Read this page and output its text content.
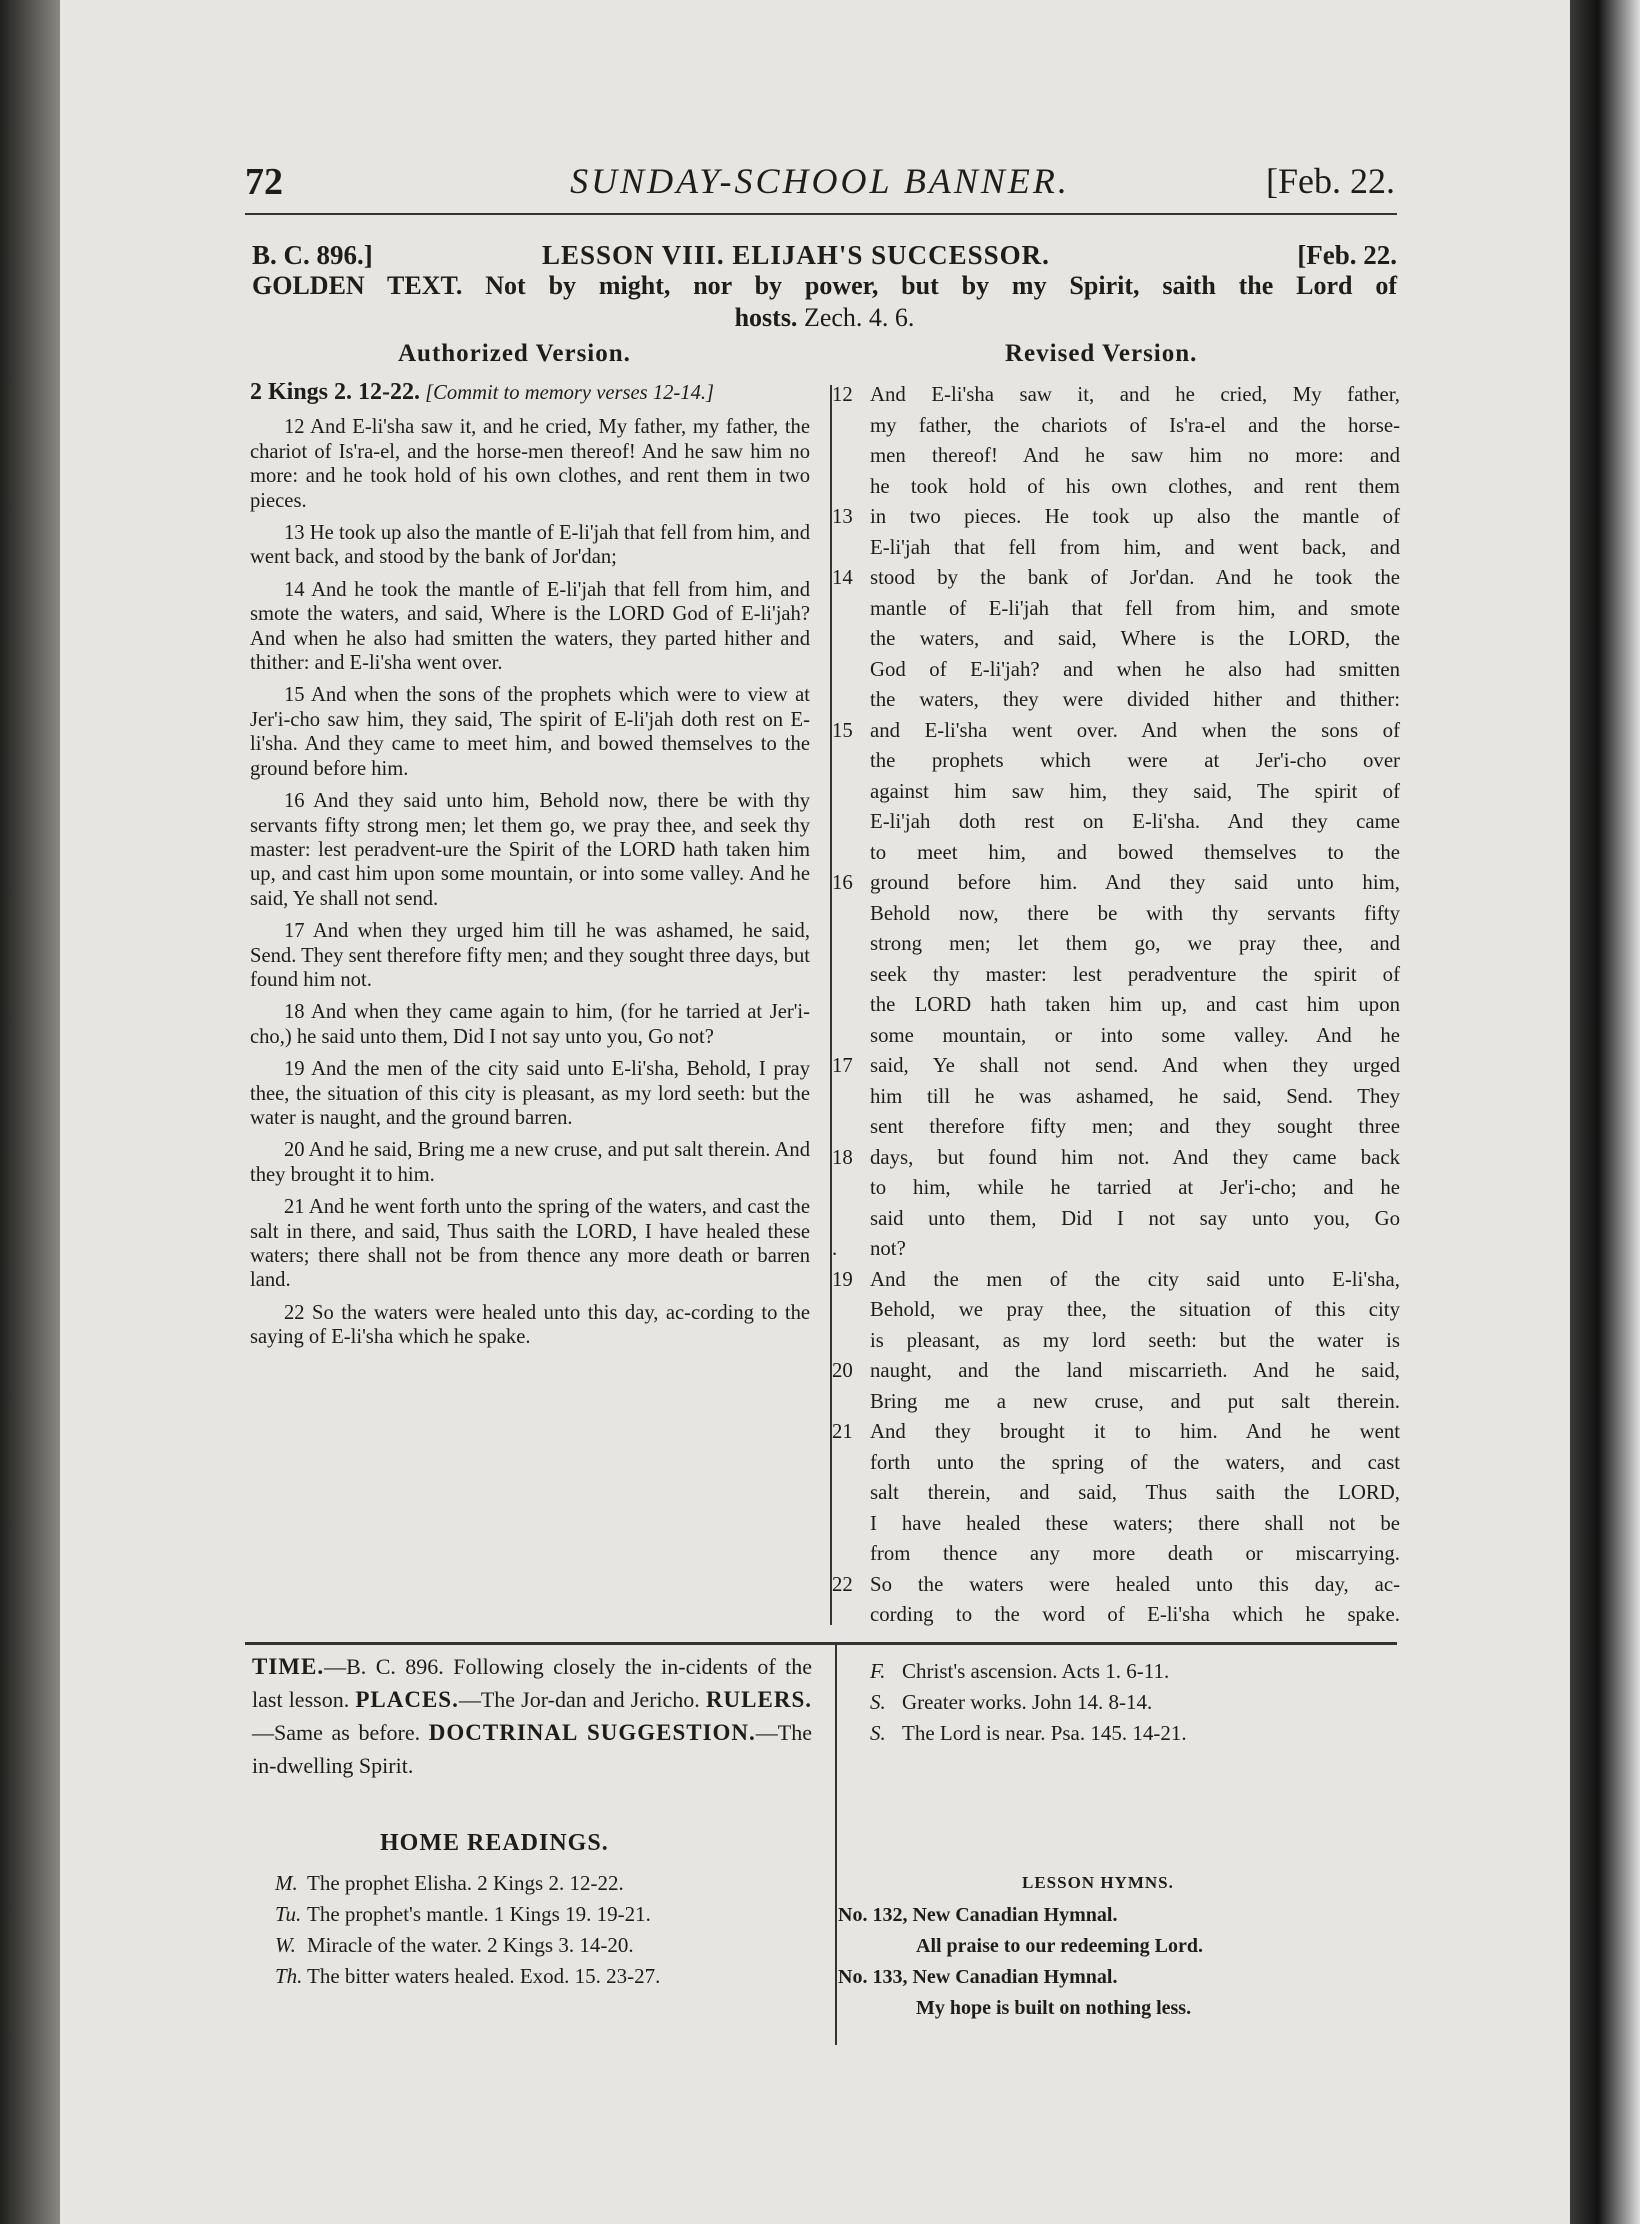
72	SUNDAY-SCHOOL BANNER.	[Feb. 22.
B. C. 896.]	LESSON VIII. ELIJAH'S SUCCESSOR.	[Feb. 22.
GOLDEN TEXT. Not by might, nor by power, but by my Spirit, saith the Lord of
hosts. Zech. 4. 6.
Authorized Version.	Revised Version.
2 Kings 2. 12-22. [Commit to memory verses 12-14.]

12 And E-li'sha saw it, and he cried, My father, my father, the chariot of Is'ra-el, and the horse-men thereof! And he saw him no more: and he took hold of his own clothes, and rent them in two pieces.

13 He took up also the mantle of E-li'jah that fell from him, and went back, and stood by the bank of Jor'dan;

14 And he took the mantle of E-li'jah that fell from him, and smote the waters, and said, Where is the LORD God of E-li'jah? And when he also had smitten the waters, they parted hither and thither: and E-li'sha went over.

15 And when the sons of the prophets which were to view at Jer'i-cho saw him, they said, The spirit of E-li'jah doth rest on E-li'sha. And they came to meet him, and bowed themselves to the ground before him.

16 And they said unto him, Behold now, there be with thy servants fifty strong men; let them go, we pray thee, and seek thy master: lest peradvent-ure the Spirit of the LORD hath taken him up, and cast him upon some mountain, or into some valley. And he said, Ye shall not send.

17 And when they urged him till he was ashamed, he said, Send. They sent therefore fifty men; and they sought three days, but found him not.

18 And when they came again to him, (for he tarried at Jer'i-cho,) he said unto them, Did I not say unto you, Go not?

19 And the men of the city said unto E-li'sha, Behold, I pray thee, the situation of this city is pleasant, as my lord seeth: but the water is naught, and the ground barren.

20 And he said, Bring me a new cruse, and put salt therein. And they brought it to him.

21 And he went forth unto the spring of the waters, and cast the salt in there, and said, Thus saith the LORD, I have healed these waters; there shall not be from thence any more death or barren land.

22 So the waters were healed unto this day, ac-cording to the saying of E-li'sha which he spake.

12 And E-li'sha saw it, and he cried, My father,
my father, the chariots of Is'ra-el and the horse-
men thereof! And he saw him no more: and
he took hold of his own clothes, and rent them
13 in two pieces. He took up also the mantle of
E-li'jah that fell from him, and went back, and
14 stood by the bank of Jor'dan. And he took the
mantle of E-li'jah that fell from him, and smote
the waters, and said, Where is the LORD, the
God of E-li'jah? and when he also had smitten
the waters, they were divided hither and thither:
15 and E-li'sha went over. And when the sons of
the prophets which were at Jer'i-cho over
against him saw him, they said, The spirit of
E-li'jah doth rest on E-li'sha. And they came
to meet him, and bowed themselves to the
16 ground before him. And they said unto him,
Behold now, there be with thy servants fifty
strong men; let them go, we pray thee, and
seek thy master: lest peradventure the spirit of
the LORD hath taken him up, and cast him upon
some mountain, or into some valley. And he
17 said, Ye shall not send. And when they urged
him till he was ashamed, he said, Send. They
sent therefore fifty men; and they sought three
18 days, but found him not. And they came back
to him, while he tarried at Jer'i-cho; and he
said unto them, Did I not say unto you, Go
. not?
19 And the men of the city said unto E-li'sha,
Behold, we pray thee, the situation of this city
is pleasant, as my lord seeth: but the water is
20 naught, and the land miscarrieth. And he said,
Bring me a new cruse, and put salt therein.
21 And they brought it to him. And he went
forth unto the spring of the waters, and cast
salt therein, and said, Thus saith the LORD,
I have healed these waters; there shall not be
from thence any more death or miscarrying.
22 So the waters were healed unto this day, ac-
cording to the word of E-li'sha which he spake.
TIME.—B. C. 896. Following closely the in-cidents of the last lesson. PLACES.—The Jor-dan and Jericho. RULERS.—Same as before. DOCTRINAL SUGGESTION.—The in-dwelling Spirit.
F. Christ's ascension. Acts 1. 6-11.
S. Greater works. John 14. 8-14.
S. The Lord is near. Psa. 145. 14-21.
HOME READINGS.
M. The prophet Elisha. 2 Kings 2. 12-22.
Tu. The prophet's mantle. 1 Kings 19. 19-21.
W. Miracle of the water. 2 Kings 3. 14-20.
Th. The bitter waters healed. Exod. 15. 23-27.
LESSON HYMNS.
No. 132, New Canadian Hymnal.
All praise to our redeeming Lord.
No. 133, New Canadian Hymnal.
My hope is built on nothing less.
